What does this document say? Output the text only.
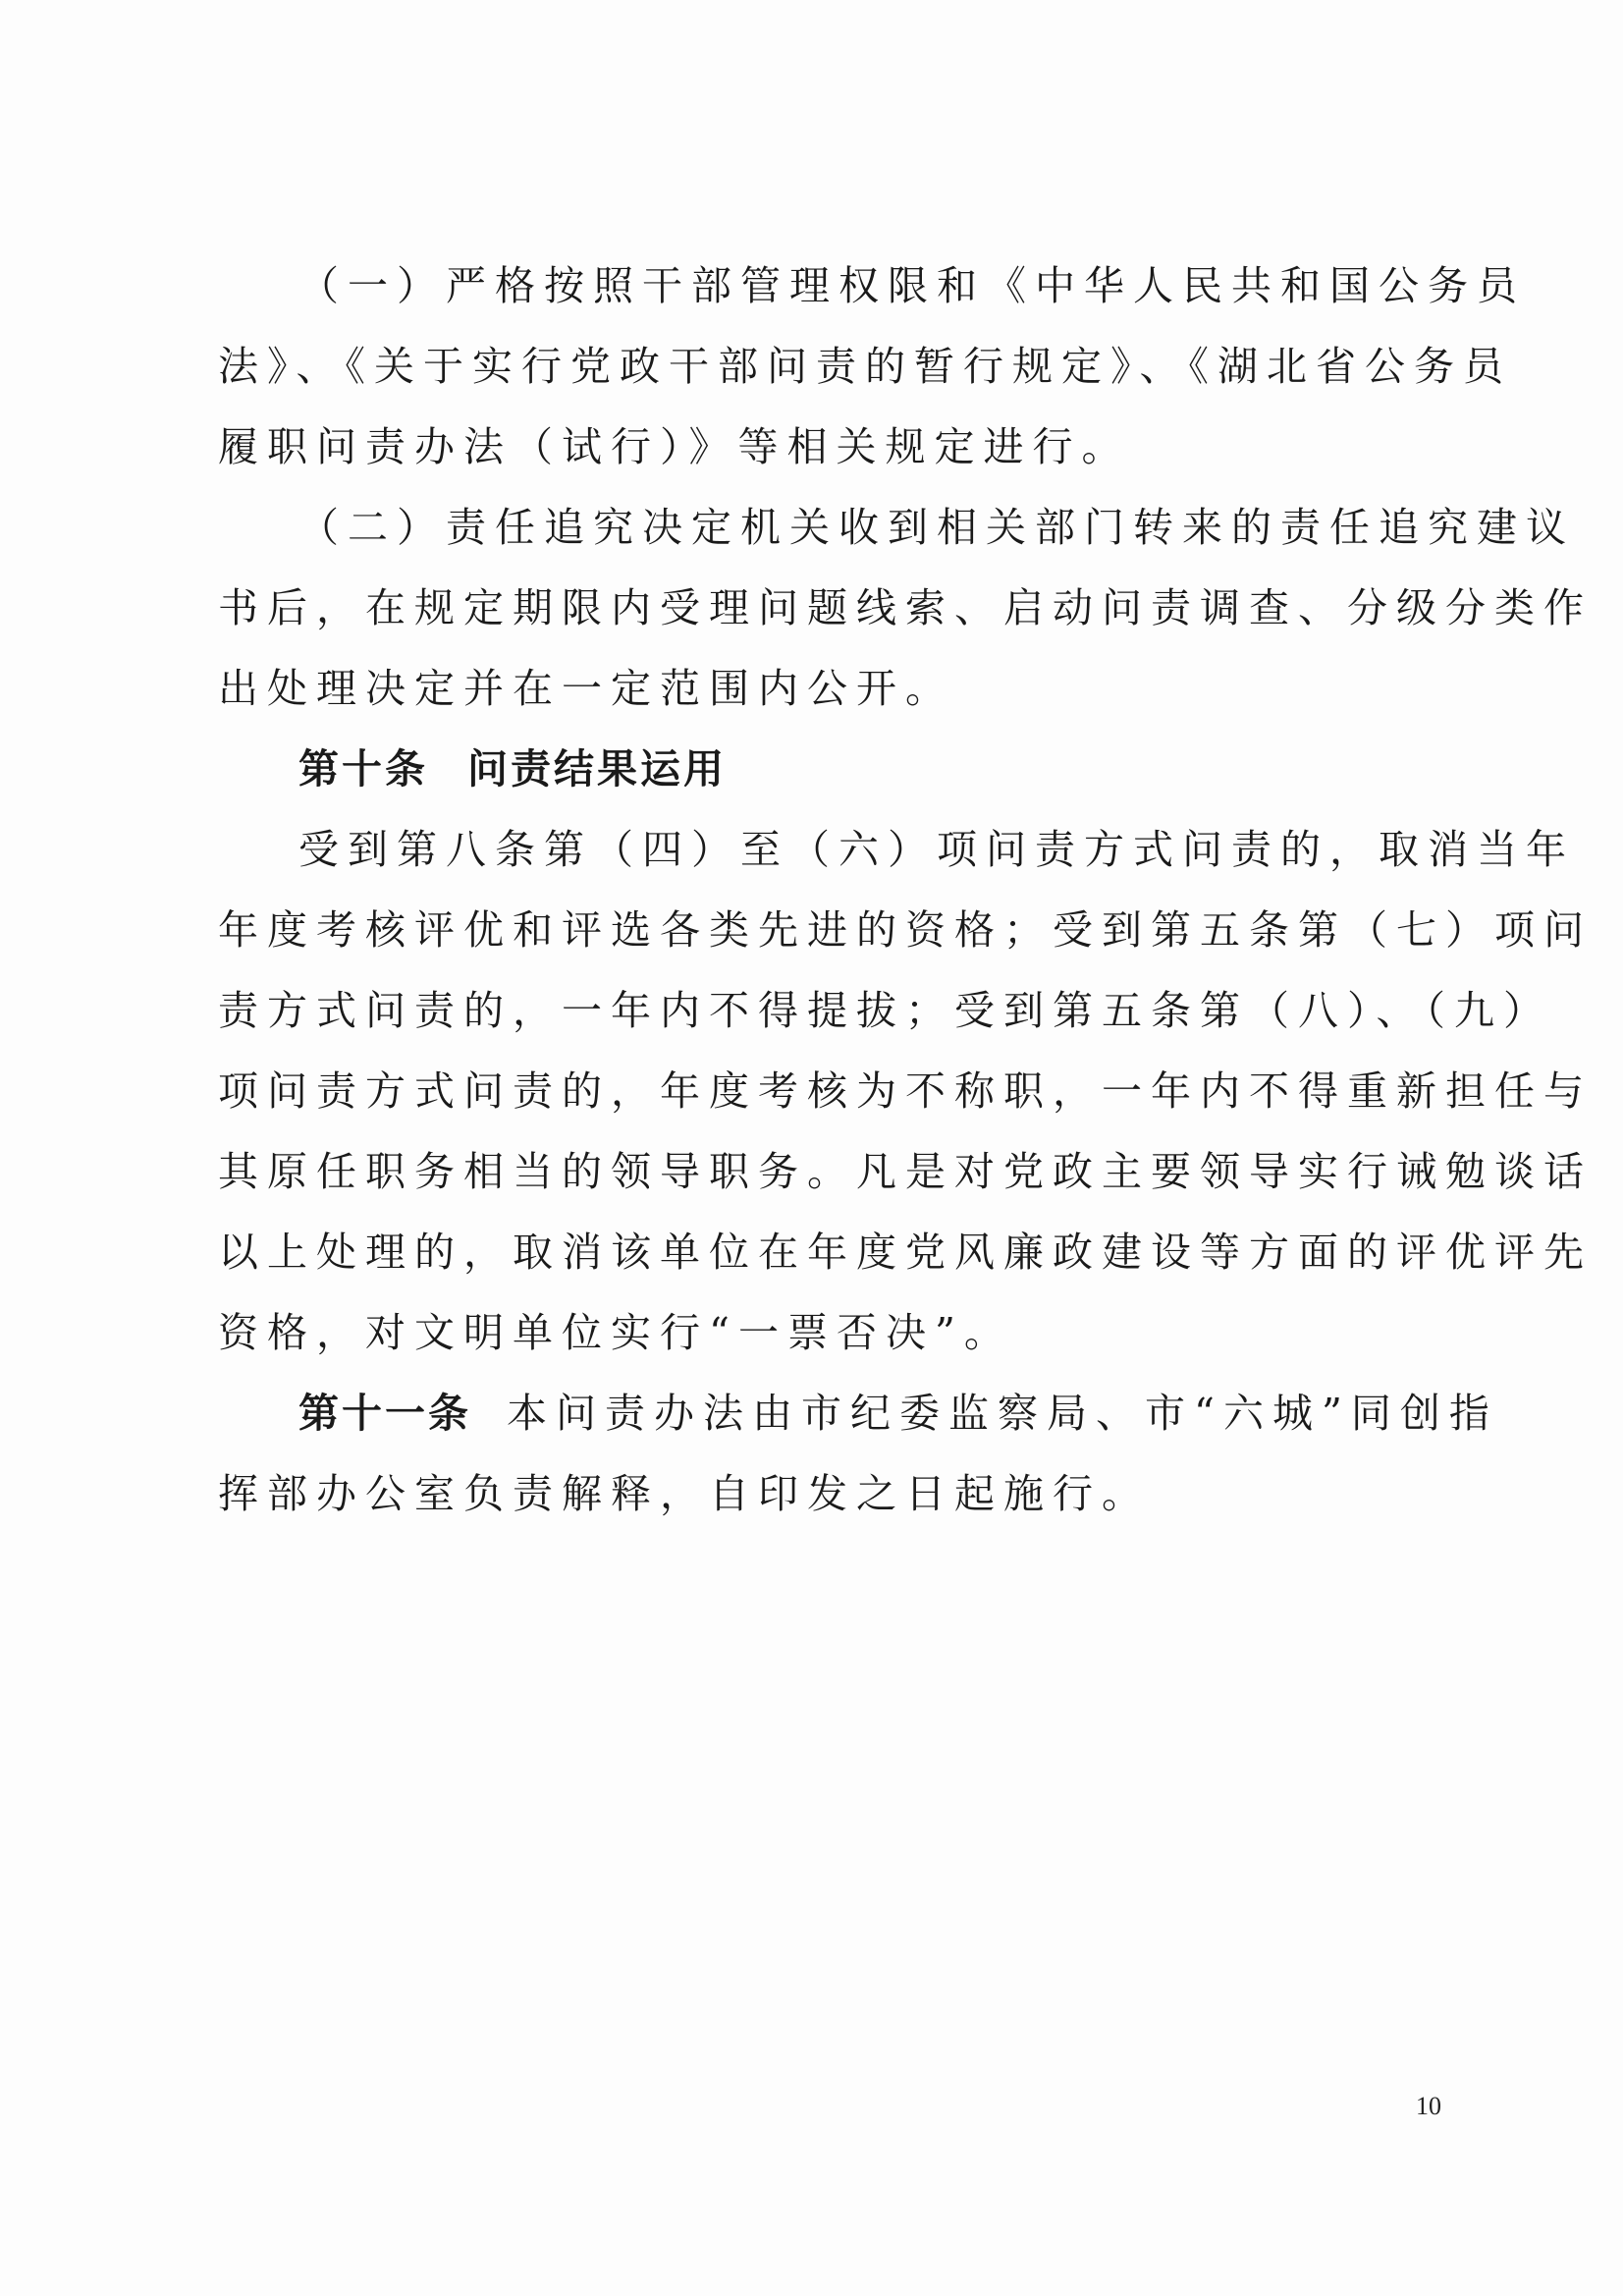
（一）严格按照干部管理权限和《中华人民共和国公务员
法》、《关于实行党政干部问责的暂行规定》、《湖北省公务员
履职问责办法（试行）》等相关规定进行。
（二）责任追究决定机关收到相关部门转来的责任追究建议
书后，在规定期限内受理问题线索、启动问责调查、分级分类作
出处理决定并在一定范围内公开。
第十条 问责结果运用
受到第八条第（四）至（六）项问责方式问责的，取消当年
年度考核评优和评选各类先进的资格；受到第五条第（七）项问
责方式问责的，一年内不得提拔；受到第五条第（八）、（九）
项问责方式问责的，年度考核为不称职，一年内不得重新担任与
其原任职务相当的领导职务。凡是对党政主要领导实行诫勉谈话
以上处理的，取消该单位在年度党风廉政建设等方面的评优评先
资格，对文明单位实行“一票否决”。
第十一条 本问责办法由市纪委监察局、市“六城”同创指
挥部办公室负责解释，自印发之日起施行。
10
